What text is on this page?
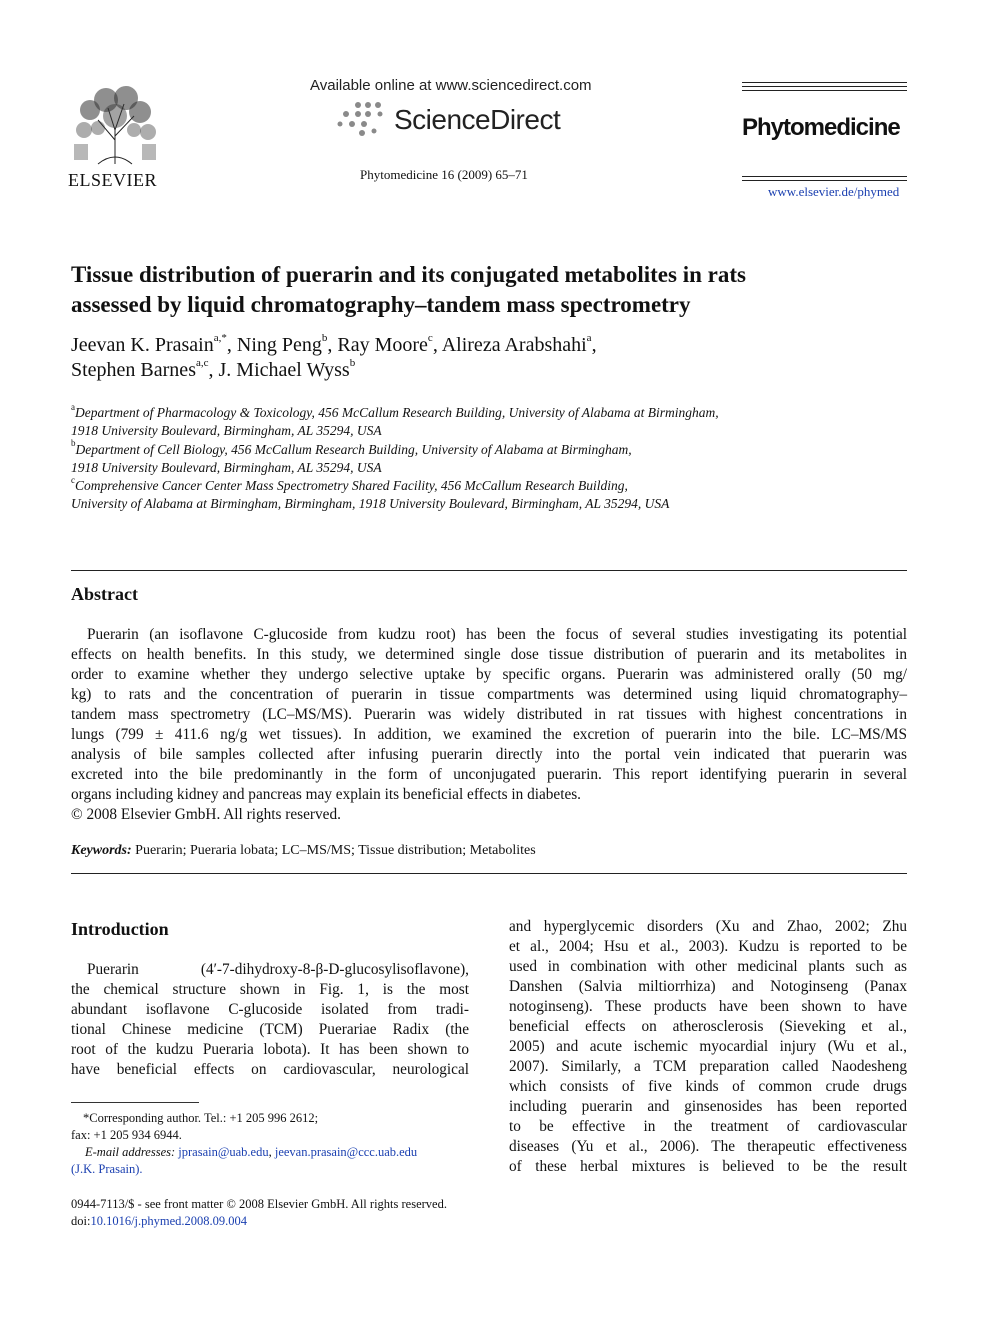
ELSEVIER
Available online at www.sciencedirect.com
ScienceDirect
Phytomedicine 16 (2009) 65–71
Phytomedicine
www.elsevier.de/phymed
Tissue distribution of puerarin and its conjugated metabolites in rats
assessed by liquid chromatography–tandem mass spectrometry
Jeevan K. Prasain$^{a,*}$, Ning Peng$^b$, Ray Moore$^c$, Alireza Arabshahi$^a$,
Stephen Barnes$^{a,c}$, J. Michael Wyss$^b$
$^a$Department of Pharmacology & Toxicology, 456 McCallum Research Building, University of Alabama at Birmingham,
1918 University Boulevard, Birmingham, AL 35294, USA
$^b$Department of Cell Biology, 456 McCallum Research Building, University of Alabama at Birmingham,
1918 University Boulevard, Birmingham, AL 35294, USA
$^c$Comprehensive Cancer Center Mass Spectrometry Shared Facility, 456 McCallum Research Building,
University of Alabama at Birmingham, Birmingham, 1918 University Boulevard, Birmingham, AL 35294, USA
Abstract
Puerarin (an isoflavone C-glucoside from kudzu root) has been the focus of several studies investigating its potential
effects on health benefits. In this study, we determined single dose tissue distribution of puerarin and its metabolites in
order to examine whether they undergo selective uptake by specific organs. Puerarin was administered orally (50 mg/
kg) to rats and the concentration of puerarin in tissue compartments was determined using liquid chromatography–
tandem mass spectrometry (LC–MS/MS). Puerarin was widely distributed in rat tissues with highest concentrations in
lungs (799 ± 411.6 ng/g wet tissues). In addition, we examined the excretion of puerarin into the bile. LC–MS/MS
analysis of bile samples collected after infusing puerarin directly into the portal vein indicated that puerarin was
excreted into the bile predominantly in the form of unconjugated puerarin. This report identifying puerarin in several
organs including kidney and pancreas may explain its beneficial effects in diabetes.
© 2008 Elsevier GmbH. All rights reserved.
Keywords: Puerarin; Pueraria lobata; LC–MS/MS; Tissue distribution; Metabolites
Introduction
Puerarin (4′-7-dihydroxy-8-β-D-glucosylisoflavone),
the chemical structure shown in Fig. 1, is the most
abundant isoflavone C-glucoside isolated from tradi-
tional Chinese medicine (TCM) Puerariae Radix (the
root of the kudzu Pueraria lobota). It has been shown to
have beneficial effects on cardiovascular, neurological
and hyperglycemic disorders (Xu and Zhao, 2002; Zhu
et al., 2004; Hsu et al., 2003). Kudzu is reported to be
used in combination with other medicinal plants such as
Danshen (Salvia miltiorrhiza) and Notoginseng (Panax
notoginseng). These products have been shown to have
beneficial effects on atherosclerosis (Sieveking et al.,
2005) and acute ischemic myocardial injury (Wu et al.,
2007). Similarly, a TCM preparation called Naodesheng
which consists of five kinds of common crude drugs
including puerarin and ginsenosides has been reported
to be effective in the treatment of cardiovascular
diseases (Yu et al., 2006). The therapeutic effectiveness
of these herbal mixtures is believed to be the result
*Corresponding author. Tel.: +1 205 996 2612;
fax: +1 205 934 6944.
E-mail addresses: jprasain@uab.edu, jeevan.prasain@ccc.uab.edu
(J.K. Prasain).
0944-7113/$ - see front matter © 2008 Elsevier GmbH. All rights reserved.
doi:10.1016/j.phymed.2008.09.004
